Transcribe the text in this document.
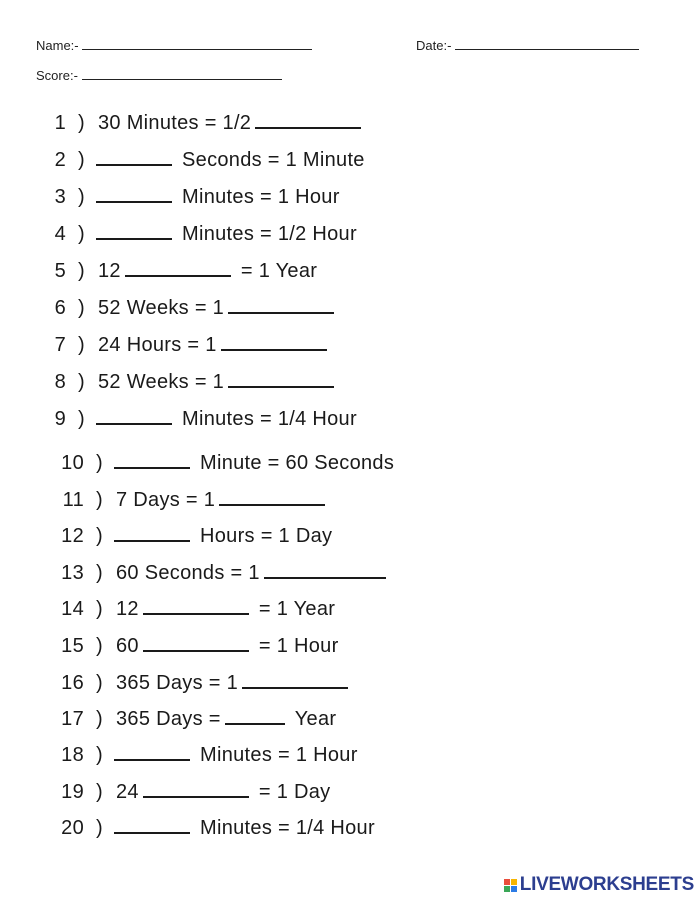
Name:-	Date:-
Score:-
1 ) 30 Minutes = 1/2
2 )	Seconds = 1 Minute
3 )	Minutes = 1 Hour
4 )	Minutes = 1/2 Hour
5 ) 12	= 1 Year
6 ) 52 Weeks = 1
7 ) 24 Hours = 1
8 ) 52 Weeks = 1
9 )	Minutes = 1/4 Hour
10 )	Minute = 60 Seconds
11 ) 7 Days = 1
12 )	Hours = 1 Day
13 ) 60 Seconds = 1
14 ) 12	= 1 Year
15 ) 60	= 1 Hour
16 ) 365 Days = 1
17 ) 365 Days =	Year
18 )	Minutes = 1 Hour
19 ) 24	= 1 Day
20 )	Minutes = 1/4 Hour
LIVEWORKSHEETS
